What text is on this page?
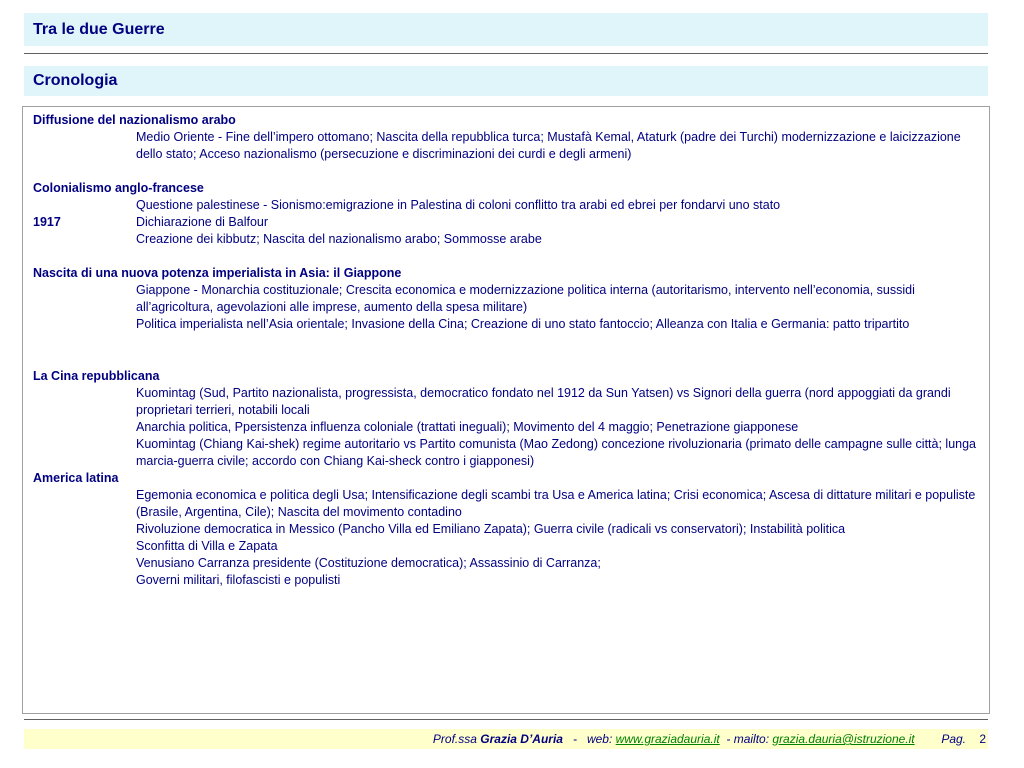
Tra le due Guerre
Cronologia
Diffusione del nazionalismo arabo
Medio Oriente - Fine dell’impero ottomano; Nascita della repubblica turca; Mustafà Kemal, Ataturk (padre dei Turchi) modernizzazione e laicizzazione dello stato; Acceso nazionalismo (persecuzione e discriminazioni dei curdi e degli armeni)
Colonialismo anglo-francese
Questione palestinese - Sionismo:emigrazione in Palestina di coloni conflitto tra arabi ed ebrei per fondarvi uno stato
1917	Dichiarazione di Balfour
Creazione dei kibbutz; Nascita del nazionalismo arabo; Sommosse arabe
Nascita di una nuova potenza imperialista in Asia: il Giappone
Giappone - Monarchia costituzionale; Crescita economica e modernizzazione politica interna (autoritarismo, intervento nell’economia, sussidi all’agricoltura, agevolazioni alle imprese, aumento della spesa militare)
Politica imperialista nell’Asia orientale; Invasione della Cina; Creazione di uno stato fantoccio; Alleanza con Italia e Germania: patto tripartito
La Cina repubblicana
Kuomintag (Sud, Partito nazionalista, progressista, democratico fondato nel 1912 da Sun Yatsen) vs Signori della guerra (nord appoggiati da grandi proprietari terrieri, notabili locali
Anarchia politica, Ppersistenza influenza coloniale (trattati ineguali); Movimento del 4 maggio; Penetrazione giapponese
Kuomintag (Chiang Kai-shek) regime autoritario vs Partito comunista (Mao Zedong) concezione rivoluzionaria (primato delle campagne sulle città; lunga marcia-guerra civile; accordo con Chiang Kai-sheck contro i giapponesi)
America latina
Egemonia economica e politica degli Usa; Intensificazione degli scambi tra Usa e America latina; Crisi economica; Ascesa di dittature militari e populiste (Brasile, Argentina, Cile); Nascita del movimento contadino
Rivoluzione democratica in Messico (Pancho Villa ed Emiliano Zapata); Guerra civile (radicali vs conservatori); Instabilità politica
Sconfitta di Villa e Zapata
Venusiano Carranza presidente (Costituzione democratica); Assassinio di Carranza;
Governi militari, filofascisti e populisti
Prof.ssa Grazia D’Auria   -   web: www.graziadauria.it  - mailto: grazia.dauria@istruzione.it        Pag. 2
